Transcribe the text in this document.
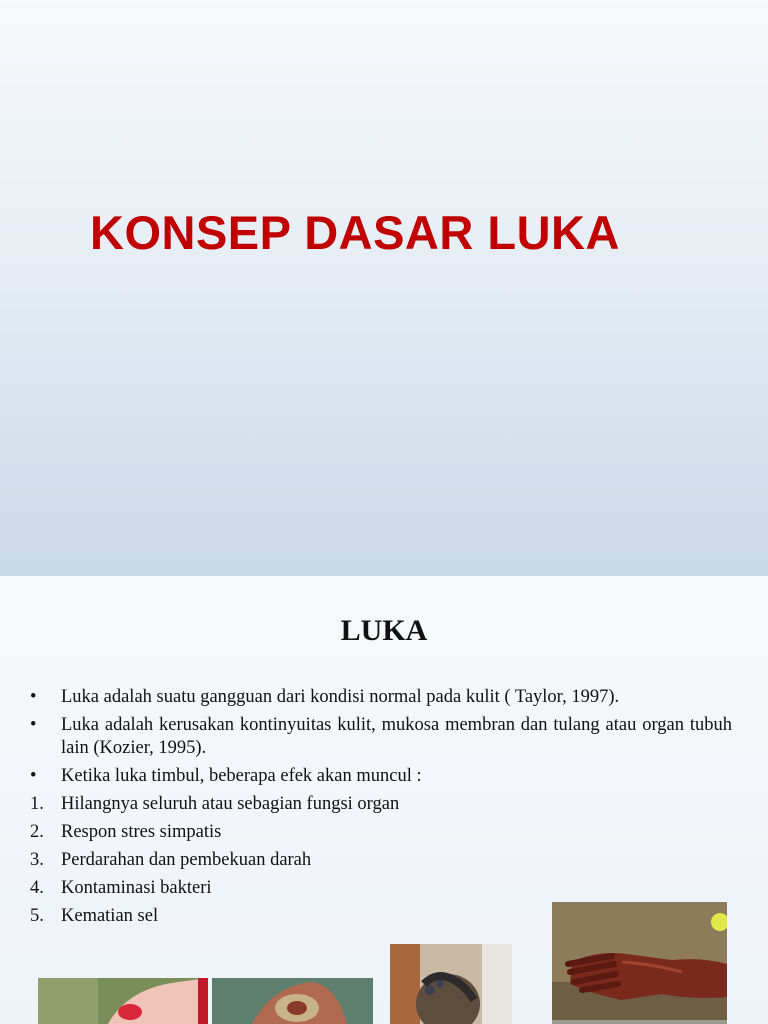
KONSEP DASAR LUKA
LUKA
•	Luka adalah suatu gangguan dari kondisi normal pada kulit ( Taylor, 1997).
•	Luka adalah kerusakan kontinyuitas kulit, mukosa membran dan tulang atau organ tubuh lain (Kozier, 1995).
•	Ketika luka timbul, beberapa efek akan muncul :
1. Hilangnya seluruh atau sebagian fungsi organ
2. Respon stres simpatis
3. Perdarahan dan pembekuan darah
4. Kontaminasi bakteri
5. Kematian sel
